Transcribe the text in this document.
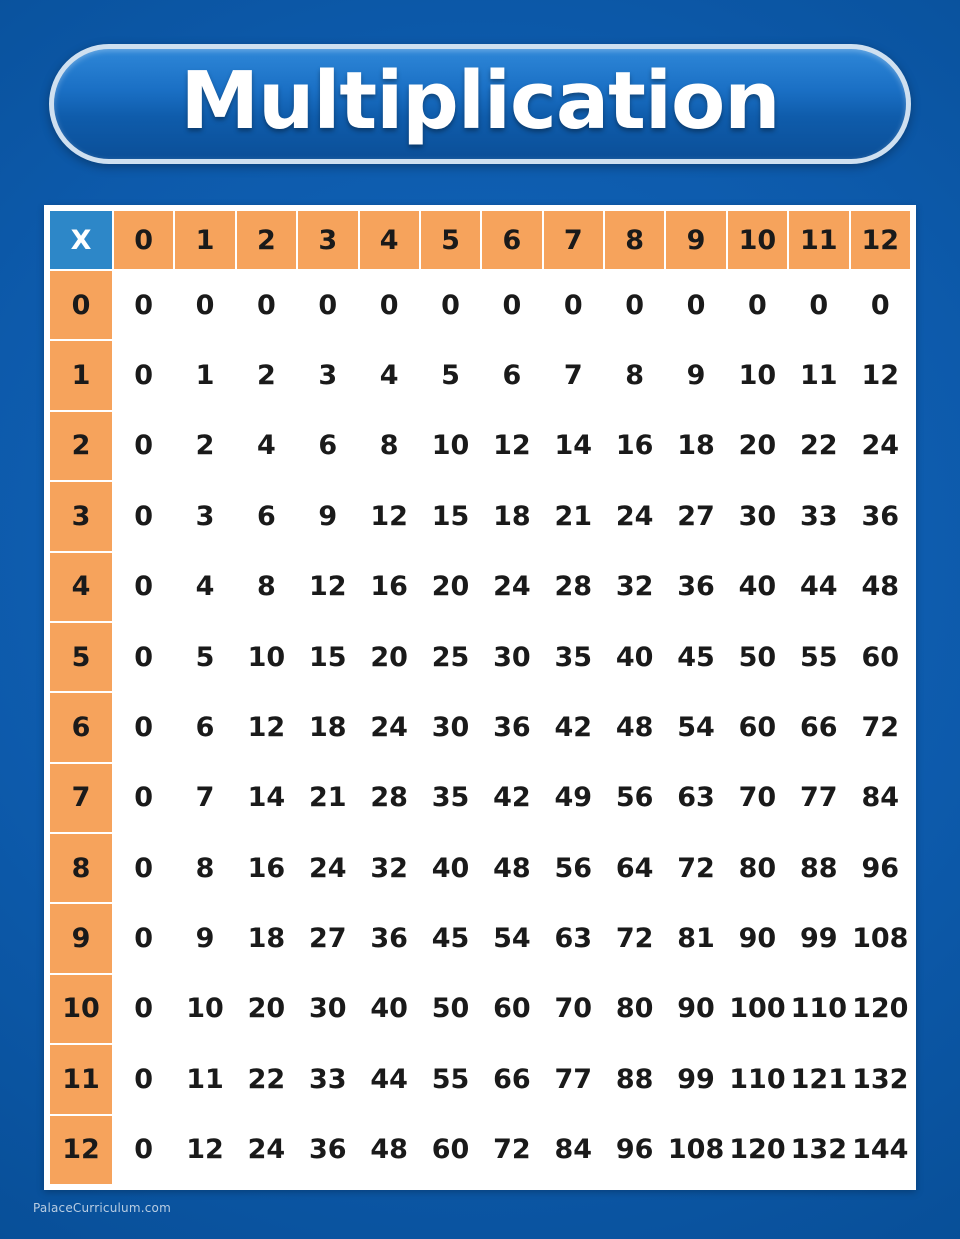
Multiplication
X	0	1	2	3	4	5	6	7	8	9	10	11	12
0	0	0	0	0	0	0	0	0	0	0	0	0	0
1	0	1	2	3	4	5	6	7	8	9	10	11	12
2	0	2	4	6	8	10	12	14	16	18	20	22	24
3	0	3	6	9	12	15	18	21	24	27	30	33	36
4	0	4	8	12	16	20	24	28	32	36	40	44	48
5	0	5	10	15	20	25	30	35	40	45	50	55	60
6	0	6	12	18	24	30	36	42	48	54	60	66	72
7	0	7	14	21	28	35	42	49	56	63	70	77	84
8	0	8	16	24	32	40	48	56	64	72	80	88	96
9	0	9	18	27	36	45	54	63	72	81	90	99	108
10	0	10	20	30	40	50	60	70	80	90	100	110	120
11	0	11	22	33	44	55	66	77	88	99	110	121	132
12	0	12	24	36	48	60	72	84	96	108	120	132	144
PalaceCurriculum.com
